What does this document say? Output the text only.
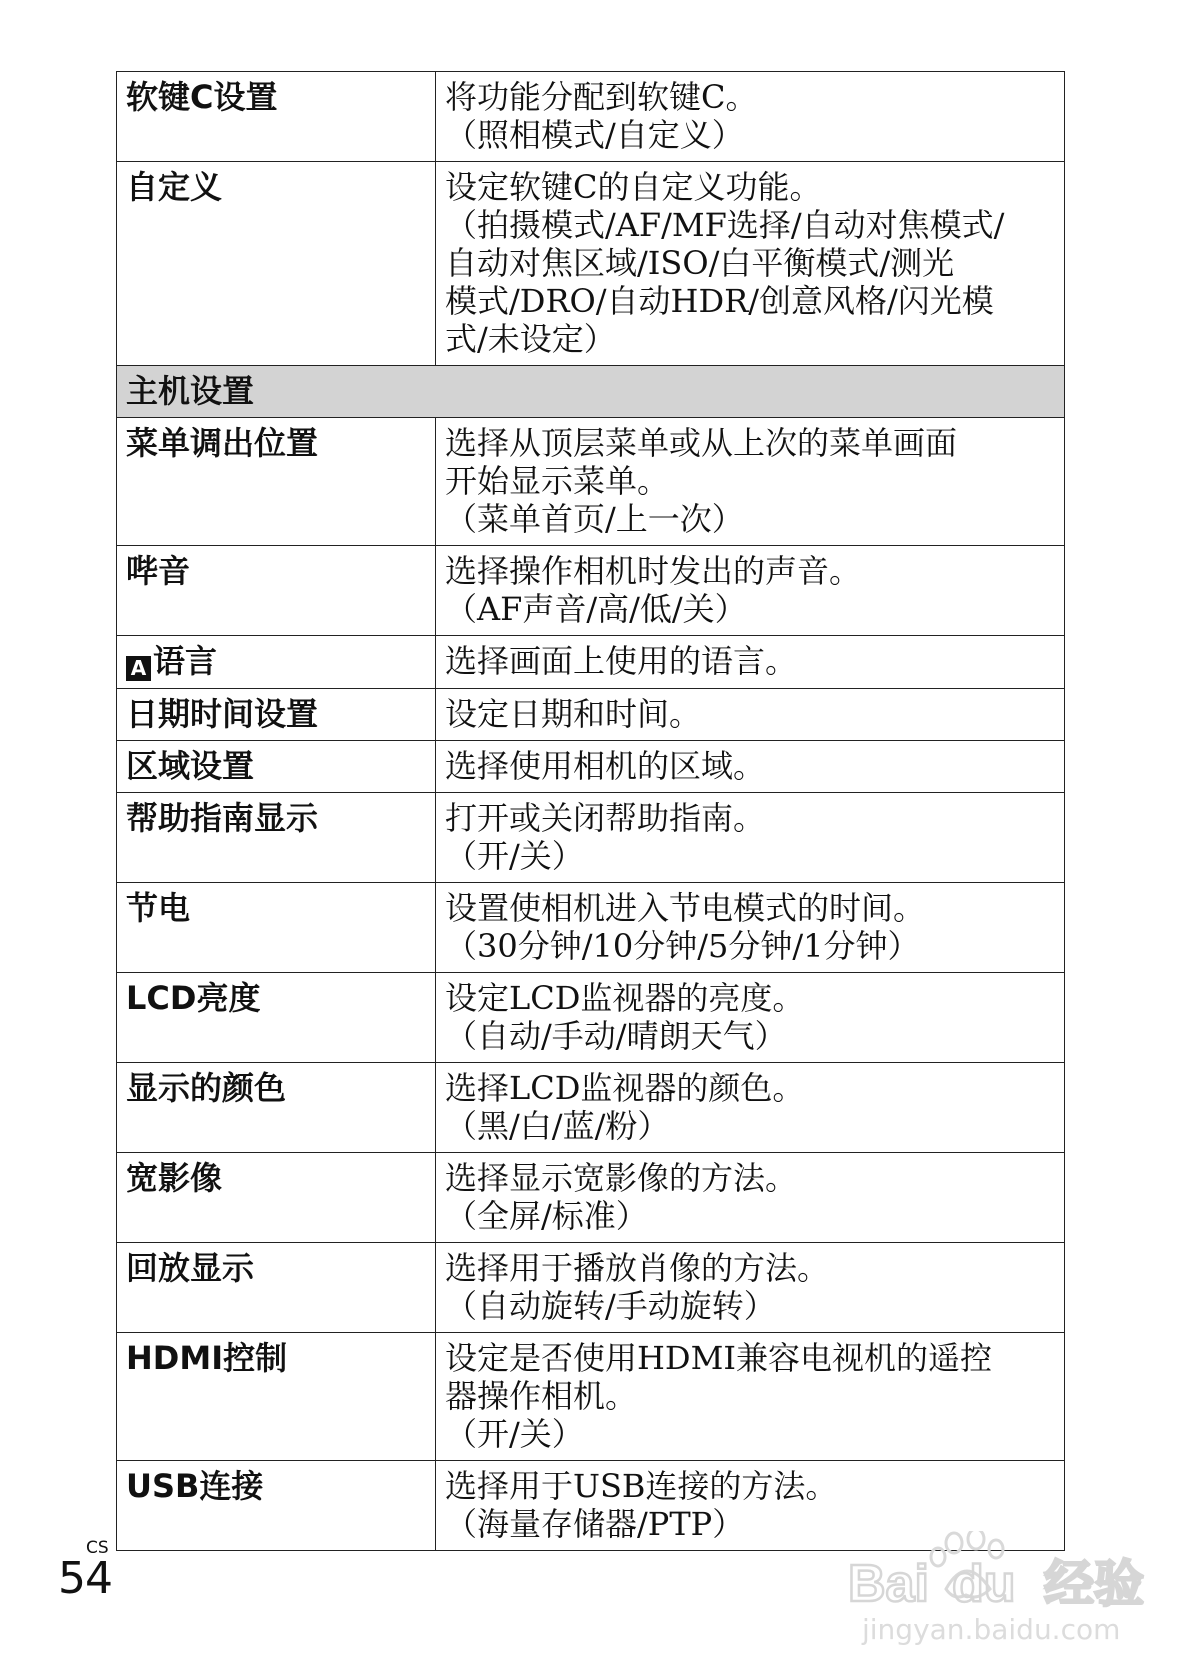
软键C设置	将功能分配到软键C。
（照相模式/自定义）

自定义	设定软键C的自定义功能。
（拍摄模式/AF/MF选择/自动对焦模式/
自动对焦区域/ISO/白平衡模式/测光
模式/DRO/自动HDR/创意风格/闪光模
式/未设定）

主机设置	
菜单调出位置	选择从顶层菜单或从上次的菜单画面
开始显示菜单。
（菜单首页/上一次）

哔音	选择操作相机时发出的声音。
（AF声音/高/低/关）

A 语言	选择画面上使用的语言。

日期时间设置	设定日期和时间。

区域设置	选择使用相机的区域。

帮助指南显示	打开或关闭帮助指南。
（开/关）

节电	设置使相机进入节电模式的时间。
（30分钟/10分钟/5分钟/1分钟）

LCD亮度	设定LCD监视器的亮度。
（自动/手动/晴朗天气）

显示的颜色	选择LCD监视器的颜色。
（黑/白/蓝/粉）

宽影像	选择显示宽影像的方法。
（全屏/标准）

回放显示	选择用于播放肖像的方法。
（自动旋转/手动旋转）

HDMI控制	设定是否使用HDMI兼容电视机的遥控
器操作相机。
（开/关）

USB连接	选择用于USB连接的方法。
（海量存储器/PTP）
CS
54	Bai du 经验
jingyan.baidu.com
